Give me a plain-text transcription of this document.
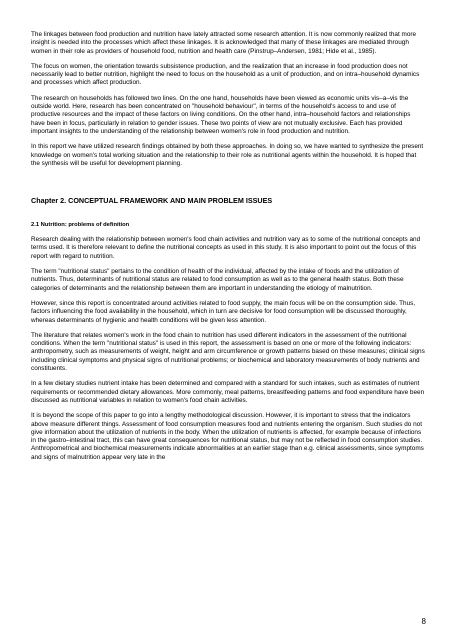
The linkages between food production and nutrition have lately attracted some research attention. It is now commonly realized that more insight is needed into the processes which affect these linkages. It is acknowledged that many of these linkages are mediated through women in their role as providers of household food, nutrition and health care (Pinstrup–Andersen, 1981; Hide et al., 1985).

The focus on women, the orientation towards subsistence production, and the realization that an increase in food production does not necessarily lead to better nutrition, highlight the need to focus on the household as a unit of production, and on intra–household dynamics and processes which affect production.

The research on households has followed two lines. On the one hand, households have been viewed as economic units vis–a–vis the outside world. Here, research has been concentrated on "household behaviour", in terms of the household's access to and use of productive resources and the impact of these factors on living conditions. On the other hand, intra–household factors and relationships have been in focus, particularly in relation to gender issues. These two points of view are not mutually exclusive. Each has provided important insights to the understanding of the relationship between women's role in food production and nutrition.

In this report we have utilized research findings obtained by both these approaches. In doing so, we have wanted to synthesize the present knowledge on women's total working situation and the relationship to their role as nutritional agents within the household. It is hoped that the synthesis will be useful for development planning.

Chapter 2. CONCEPTUAL FRAMEWORK AND MAIN PROBLEM ISSUES
2.1 Nutrition: problems of definition

Research dealing with the relationship between women's food chain activities and nutrition vary as to some of the nutritional concepts and terms used. It is therefore relevant to define the nutritional concepts as used in this study. It is also important to point out the focus of this report with regard to nutrition.

The term "nutritional status" pertains to the condition of health of the individual, affected by the intake of foods and the utilization of nutrients. Thus, determinants of nutritional status are related to food consumption as well as to the general health status. Both these categories of determinants and the relationship between them are important in understanding the etiology of malnutrition.

However, since this report is concentrated around activities related to food supply, the main focus will be on the consumption side. Thus, factors influencing the food availability in the household, which in turn are decisive for food consumption will be discussed thoroughly, whereas determinants of hygienic and health conditions will be given less attention.

The literature that relates women's work in the food chain to nutrition has used different indicators in the assessment of the nutritional conditions. When the term "nutritional status" is used in this report, the assessment is based on one or more of the following indicators: anthropometry, such as measurements of weight, height and arm circumference or growth patterns based on these measures; clinical signs including clinical symptoms and physical signs of nutritional problems; or biochemical and laboratory measurements of body nutrients and constituents.

In a few dietary studies nutrient intake has been determined and compared with a standard for such intakes, such as estimates of nutrient requirements or recommended dietary allowances. More commonly, meal patterns, breastfeeding patterns and food expenditure have been discussed as nutritional variables in relation to women's food chain activities.

It is beyond the scope of this paper to go into a lengthy methodological discussion. However, it is important to stress that the indicators above measure different things. Assessment of food consumption measures food and nutrients entering the organism. Such studies do not give information about the utilization of nutrients in the body. When the utilization of nutrients is affected, for example because of infections in the gastro–intestinal tract, this can have great consequences for nutritional status, but may not be reflected in food consumption studies. Anthropometrical and biochemical measurements indicate abnormalities at an earlier stage than e.g. clinical assessments, since symptoms and signs of malnutrition appear very late in the

8
